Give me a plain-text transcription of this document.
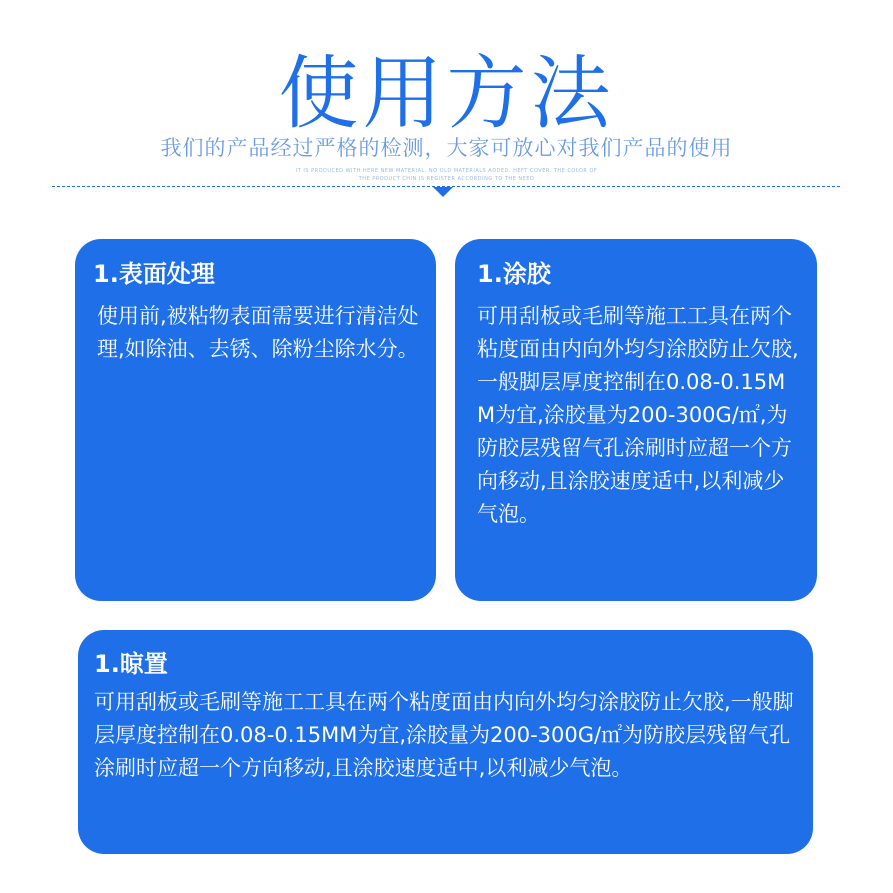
使用方法
我们的产品经过严格的检测，大家可放心对我们产品的使用
IT IS PRODUCED WITH HERE NEW MATERIAL. NO OLD MATERIALS ADDED. HEFT COVER. THE COLOR OF
THE PRODUCT CHIN IS REGISTER ACCORDING TO THE NEED
1.表面处理
使用前,被粘物表面需要进行清洁处理,如除油、去锈、除粉尘除水分。
1.涂胶
可用刮板或毛刷等施工工具在两个粘度面由内向外均匀涂胶防止欠胶,一般脚层厚度控制在0.08-0.15MM为宜,涂胶量为200-300G/㎡,为防胶层残留气孔涂刷时应超一个方向移动,且涂胶速度适中,以利减少气泡。
1.晾置
可用刮板或毛刷等施工工具在两个粘度面由内向外均匀涂胶防止欠胶,一般脚层厚度控制在0.08-0.15MM为宜,涂胶量为200-300G/㎡为防胶层残留气孔涂刷时应超一个方向移动,且涂胶速度适中,以利减少气泡。
